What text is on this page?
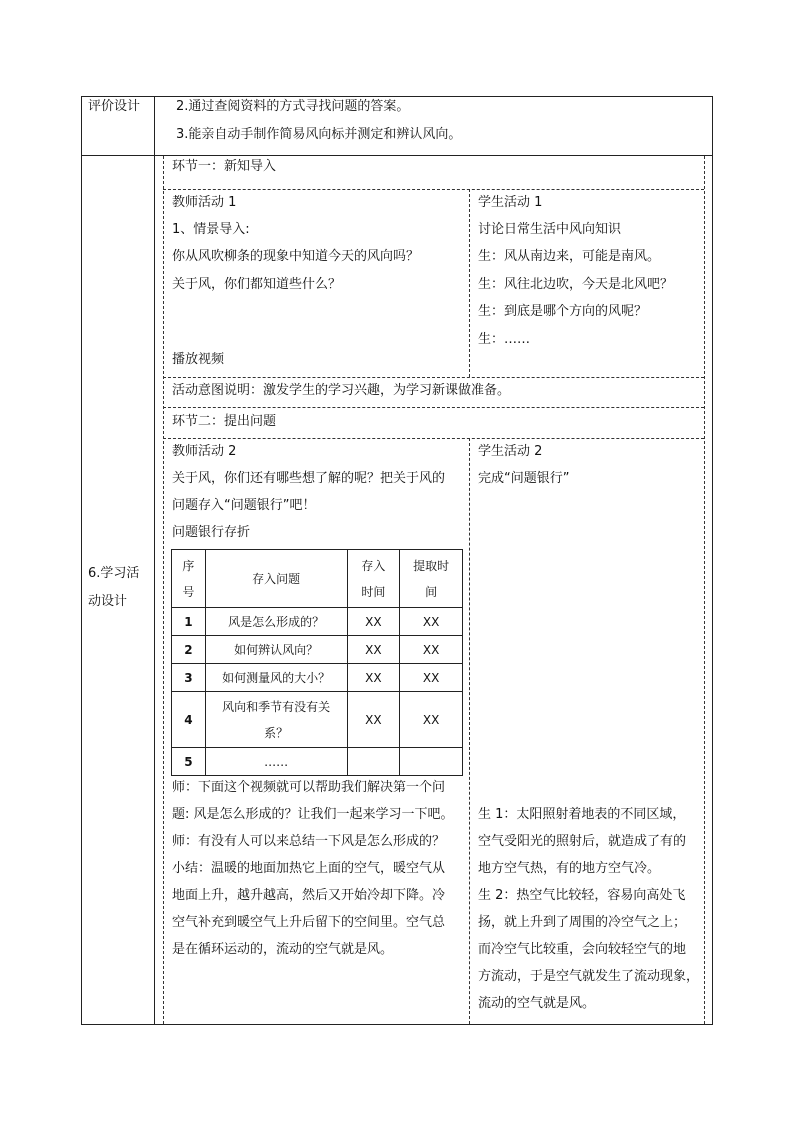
评价设计	2.通过查阅资料的方式寻找问题的答案。
3.能亲自动手制作简易风向标并测定和辨认风向。
6.学习活
动设计
环节一：新知导入
教师活动 1
1、情景导入:
你从风吹柳条的现象中知道今天的风向吗？
关于风，你们都知道些什么？
播放视频
学生活动 1
讨论日常生活中风向知识
生：风从南边来，可能是南风。
生：风往北边吹，今天是北风吧？
生：到底是哪个方向的风呢？
生：……
活动意图说明：激发学生的学习兴趣，为学习新课做准备。
环节二：提出问题
教师活动 2
关于风，你们还有哪些想了解的呢？把关于风的
问题存入“问题银行”吧！
问题银行存折
序号	存入问题	存入时间	提取时间
1	风是怎么形成的？	XX	XX
2	如何辨认风向？	XX	XX
3	如何测量风的大小？	XX	XX
4	风向和季节有没有关系？	XX	XX
5	……		
师：下面这个视频就可以帮助我们解决第一个问
题: 风是怎么形成的？让我们一起来学习一下吧。
师：有没有人可以来总结一下风是怎么形成的？
小结：温暖的地面加热它上面的空气，暖空气从
地面上升，越升越高，然后又开始冷却下降。冷
空气补充到暖空气上升后留下的空间里。空气总
是在循环运动的，流动的空气就是风。
学生活动 2
完成“问题银行”
生 1：太阳照射着地表的不同区域，
空气受阳光的照射后，就造成了有的
地方空气热，有的地方空气冷。
生 2：热空气比较轻，容易向高处飞
扬，就上升到了周围的冷空气之上；
而冷空气比较重，会向较轻空气的地
方流动，于是空气就发生了流动现象，
流动的空气就是风。
